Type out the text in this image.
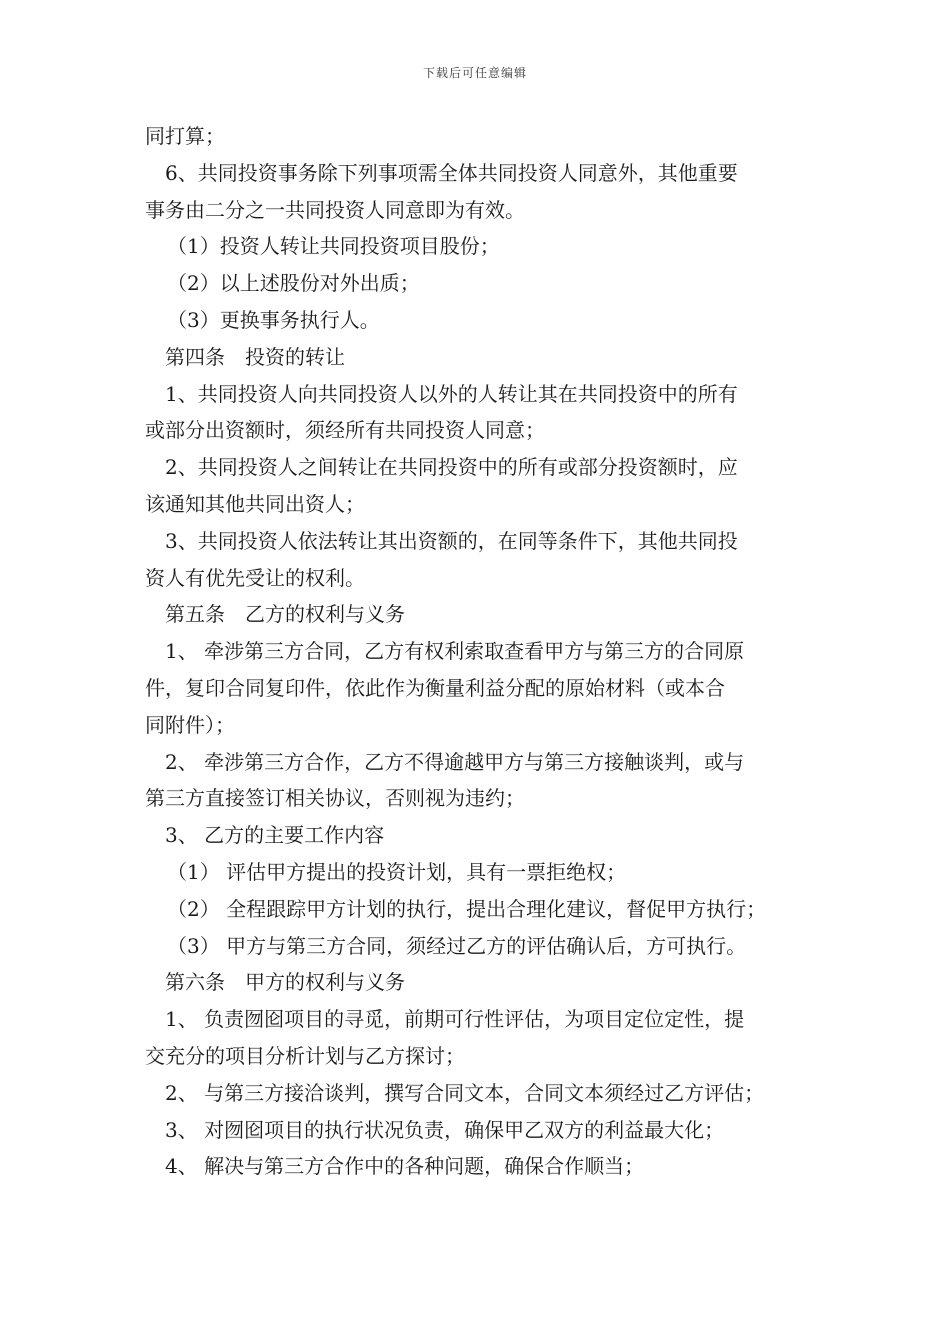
下载后可任意编辑
同打算；
6、共同投资事务除下列事项需全体共同投资人同意外，其他重要
事务由二分之一共同投资人同意即为有效。
（1）投资人转让共同投资项目股份；
（2）以上述股份对外出质；
（3）更换事务执行人。
第四条　投资的转让
1、共同投资人向共同投资人以外的人转让其在共同投资中的所有
或部分出资额时，须经所有共同投资人同意；
2、共同投资人之间转让在共同投资中的所有或部分投资额时，应
该通知其他共同出资人；
3、共同投资人依法转让其出资额的，在同等条件下，其他共同投
资人有优先受让的权利。
第五条　乙方的权利与义务
1、 牵涉第三方合同，乙方有权利索取查看甲方与第三方的合同原
件，复印合同复印件，依此作为衡量利益分配的原始材料（或本合
同附件）；
2、 牵涉第三方合作，乙方不得逾越甲方与第三方接触谈判，或与
第三方直接签订相关协议，否则视为违约；
3、 乙方的主要工作内容
（1） 评估甲方提出的投资计划，具有一票拒绝权；
（2） 全程跟踪甲方计划的执行，提出合理化建议，督促甲方执行；
（3） 甲方与第三方合同，须经过乙方的评估确认后，方可执行。
第六条　甲方的权利与义务
1、 负责囫囵项目的寻觅，前期可行性评估，为项目定位定性，提
交充分的项目分析计划与乙方探讨；
2、 与第三方接洽谈判，撰写合同文本，合同文本须经过乙方评估；
3、 对囫囵项目的执行状况负责，确保甲乙双方的利益最大化；
4、 解决与第三方合作中的各种问题，确保合作顺当；
